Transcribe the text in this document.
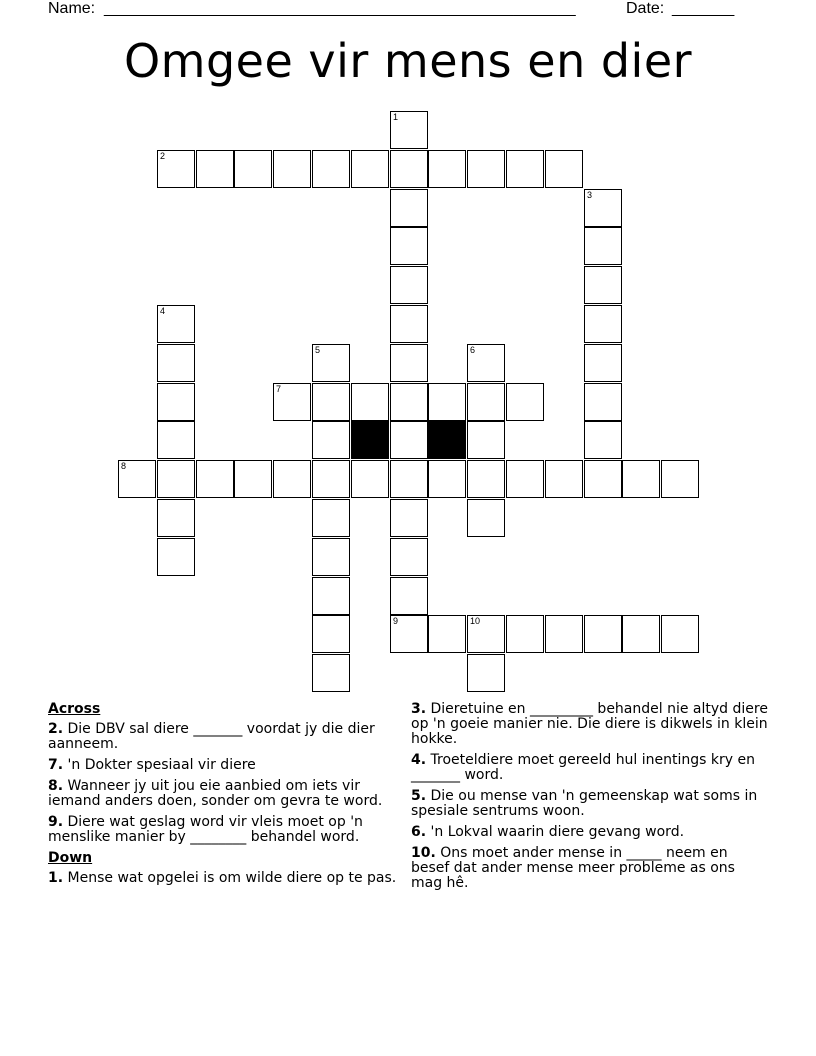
Name: _____________________________________________________	Date: _______
Omgee vir mens en dier
2
7
8
9	10
1
3
4
5	6
Across
2. Die DBV sal diere _______ voordat jy die dier aanneem.
7. 'n Dokter spesiaal vir diere
8. Wanneer jy uit jou eie aanbied om iets vir iemand anders doen, sonder om gevra te word.
9. Diere wat geslag word vir vleis moet op 'n menslike manier by ________ behandel word.
Down
1. Mense wat opgelei is om wilde diere op te pas.
3. Dieretuine en _________ behandel nie altyd diere op 'n goeie manier nie. Die diere is dikwels in klein hokke.
4. Troeteldiere moet gereeld hul inentings kry en _______ word.
5. Die ou mense van 'n gemeenskap wat soms in spesiale sentrums woon.
6. 'n Lokval waarin diere gevang word.
10. Ons moet ander mense in _____ neem en besef dat ander mense meer probleme as ons mag hê.
